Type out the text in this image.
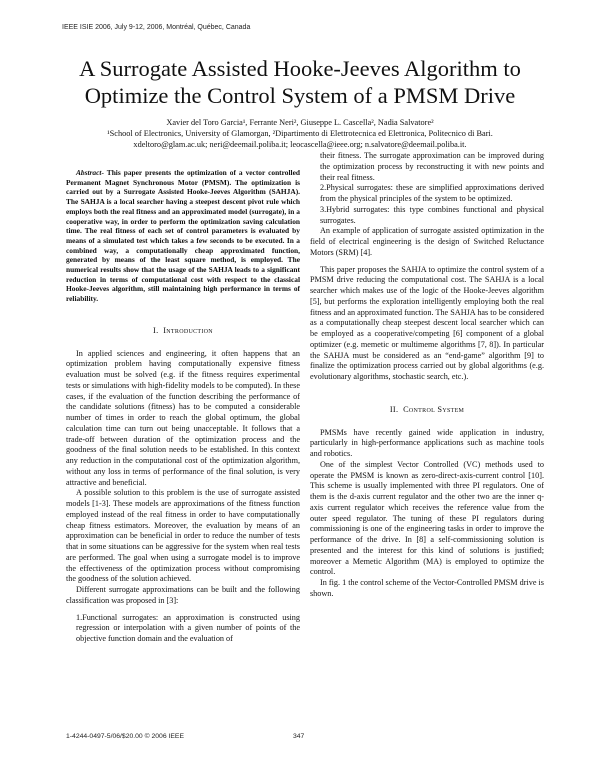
IEEE ISIE 2006, July 9-12, 2006, Montréal, Québec, Canada
A Surrogate Assisted Hooke-Jeeves Algorithm to
Optimize the Control System of a PMSM Drive
Xavier del Toro Garcia¹, Ferrante Neri², Giuseppe L. Cascella², Nadia Salvatore²
¹School of Electronics, University of Glamorgan, ²Dipartimento di Elettrotecnica ed Elettronica, Politecnico di Bari.
xdeltoro@glam.ac.uk; neri@deemail.poliba.it; leocascella@ieee.org; n.salvatore@deemail.poliba.it.

Abstract- This paper presents the optimization of a vector controlled Permanent Magnet Synchronous Motor (PMSM). The optimization is carried out by a Surrogate Assisted Hooke-Jeeves Algorithm (SAHJA). The SAHJA is a local searcher having a steepest descent pivot rule which employs both the real fitness and an approximated model (surrogate), in a cooperative way, in order to perform the optimization saving calculation time. The real fitness of each set of control parameters is evaluated by means of a simulated test which takes a few seconds to be executed. In a combined way, a computationally cheap approximated function, generated by means of the least square method, is employed. The numerical results show that the usage of the SAHJA leads to a significant reduction in terms of computational cost with respect to the classical Hooke-Jeeves algorithm, still maintaining high performance in terms of reliability.

I. Introduction

In applied sciences and engineering, it often happens that an optimization problem having computationally expensive fitness evaluation must be solved (e.g. if the fitness requires experimental tests or simulations with high-fidelity models to be computed). In these cases, if the evaluation of the function describing the performance of the candidate solutions (fitness) has to be computed a considerable number of times in order to reach the global optimum, the global calculation time can turn out being unacceptable. It follows that a trade-off between duration of the optimization process and the goodness of the final solution needs to be established. In this context any reduction in the computational cost of the optimization algorithm, without any loss in terms of performance of the final solution, is very attractive and beneficial.

A possible solution to this problem is the use of surrogate assisted models [1-3]. These models are approximations of the fitness function employed instead of the real fitness in order to have computationally cheap fitness estimators. Moreover, the evaluation by means of an approximation can be beneficial in order to reduce the number of tests that in some situations can be aggressive for the system when real tests are performed. The goal when using a surrogate model is to improve the effectiveness of the optimization process without compromising the goodness of the solution achieved.

Different surrogate approximations can be built and the following classification was proposed in [3]:

1.Functional surrogates: an approximation is constructed using regression or interpolation with a given number of points of the objective function domain and the evaluation of

their fitness. The surrogate approximation can be improved during the optimization process by reconstructing it with new points and their real fitness.

2.Physical surrogates: these are simplified approximations derived from the physical principles of the system to be optimized.

3.Hybrid surrogates: this type combines functional and physical surrogates.

An example of application of surrogate assisted optimization in the field of electrical engineering is the design of Switched Reluctance Motors (SRM) [4].

This paper proposes the SAHJA to optimize the control system of a PMSM drive reducing the computational cost. The SAHJA is a local searcher which makes use of the logic of the Hooke-Jeeves algorithm [5], but performs the exploration intelligently employing both the real fitness and an approximated function. The SAHJA has to be considered as a computationally cheap steepest descent local searcher which can be employed as a cooperative/competing [6] component of a global optimizer (e.g. memetic or multimeme algorithms [7, 8]). In particular the SAHJA must be considered as an “end-game” algorithm [9] to finalize the optimization process carried out by global algorithms (e.g. evolutionary algorithms, stochastic search, etc.).

II. Control System

PMSMs have recently gained wide application in industry, particularly in high-performance applications such as machine tools and robotics.

One of the simplest Vector Controlled (VC) methods used to operate the PMSM is known as zero-direct-axis-current control [10]. This scheme is usually implemented with three PI regulators. One of them is the d-axis current regulator and the other two are the inner q-axis current regulator which receives the reference value from the outer speed regulator. The tuning of these PI regulators during commissioning is one of the engineering tasks in order to improve the performance of the drive. In [8] a self-commissioning solution is presented and the interest for this kind of solutions is justified; moreover a Memetic Algorithm (MA) is employed to optimize the control.

In fig. 1 the control scheme of the Vector-Controlled PMSM drive is shown.

1-4244-0497-5/06/$20.00 © 2006 IEEE	347
